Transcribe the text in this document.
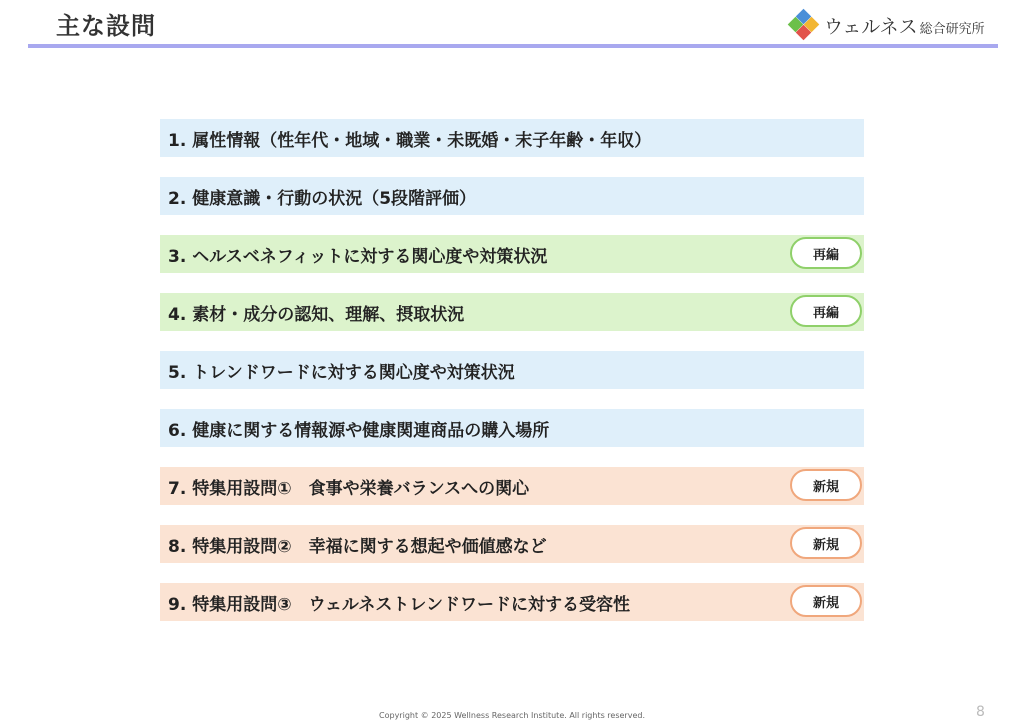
主な設問	ウェルネス 総合研究所
1. 属性情報（性年代・地域・職業・未既婚・末子年齢・年収）
2. 健康意識・行動の状況（5段階評価）
3. ヘルスベネフィットに対する関心度や対策状況	再編
4. 素材・成分の認知、理解、摂取状況	再編
5. トレンドワードに対する関心度や対策状況
6. 健康に関する情報源や健康関連商品の購入場所
7. 特集用設問①　食事や栄養バランスへの関心	新規
8. 特集用設問②　幸福に関する想起や価値感など	新規
9. 特集用設問③　ウェルネストレンドワードに対する受容性	新規
Copyright © 2025 Wellness Research Institute. All rights reserved.	8
